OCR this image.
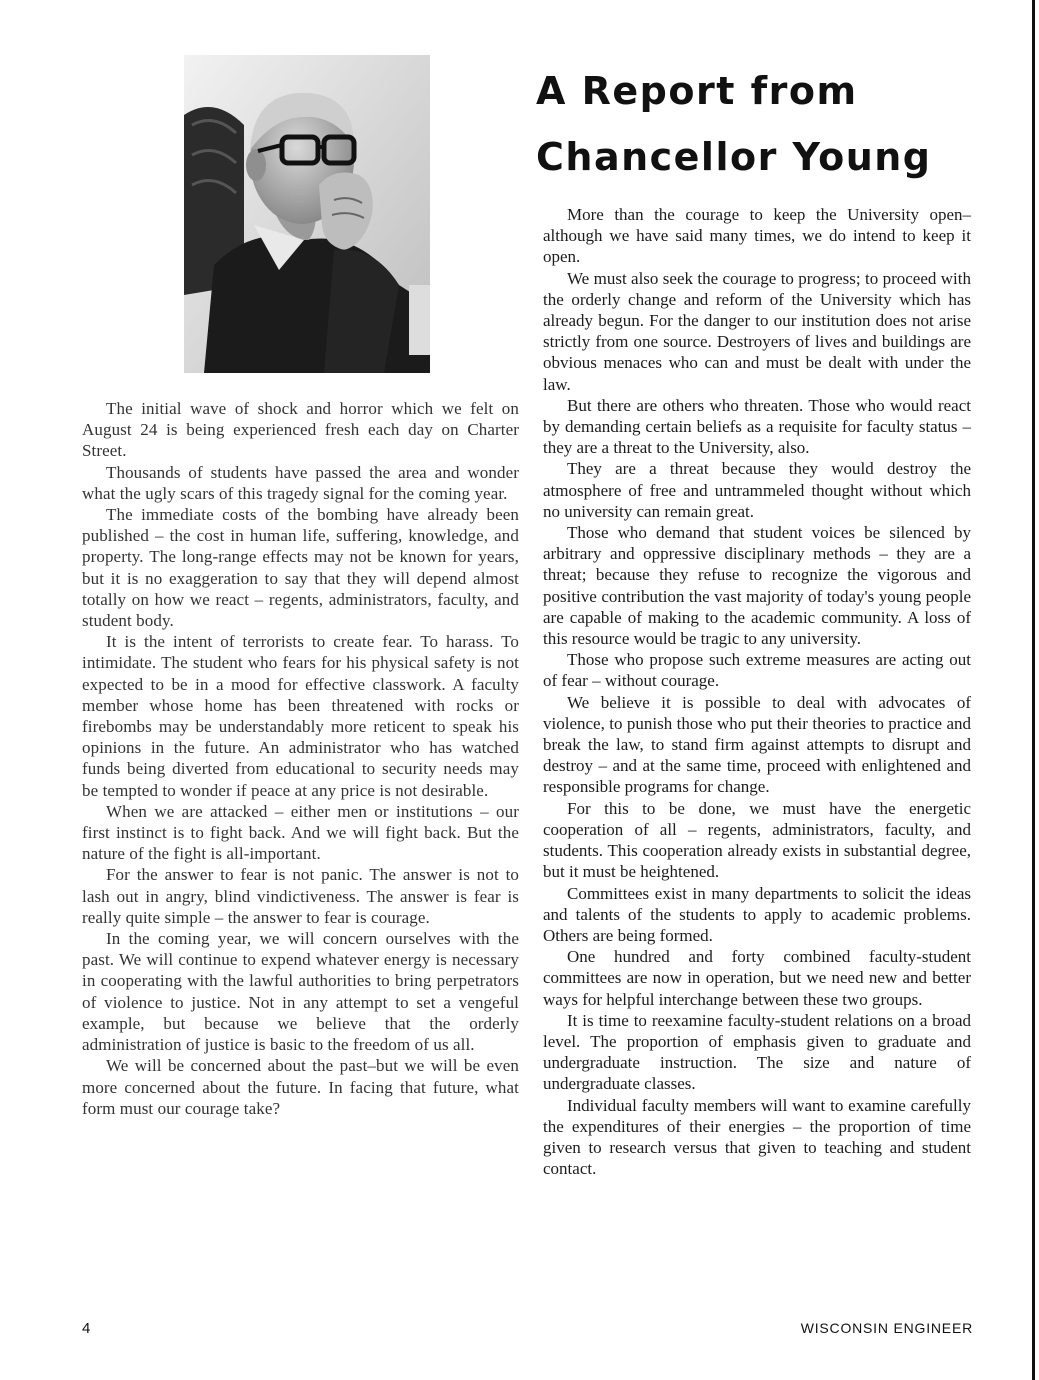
A Report from
Chancellor Young

The initial wave of shock and horror which we felt on August 24 is being experienced fresh each day on Charter Street.

Thousands of students have passed the area and wonder what the ugly scars of this tragedy signal for the coming year.

The immediate costs of the bombing have already been published – the cost in human life, suffering, knowledge, and property. The long-range effects may not be known for years, but it is no exaggeration to say that they will depend almost totally on how we react – regents, administrators, faculty, and student body.

It is the intent of terrorists to create fear. To harass. To intimidate. The student who fears for his physical safety is not expected to be in a mood for effective classwork. A faculty member whose home has been threatened with rocks or firebombs may be understandably more reticent to speak his opinions in the future. An administrator who has watched funds being diverted from educational to security needs may be tempted to wonder if peace at any price is not desirable.

When we are attacked – either men or institutions – our first instinct is to fight back. And we will fight back. But the nature of the fight is all-important.

For the answer to fear is not panic. The answer is not to lash out in angry, blind vindictiveness. The answer is fear is really quite simple – the answer to fear is courage.

In the coming year, we will concern ourselves with the past. We will continue to expend whatever energy is necessary in cooperating with the lawful authorities to bring perpetrators of violence to justice. Not in any attempt to set a vengeful example, but because we believe that the orderly administration of justice is basic to the freedom of us all.

We will be concerned about the past–but we will be even more concerned about the future. In facing that future, what form must our courage take?

More than the courage to keep the University open–although we have said many times, we do intend to keep it open.

We must also seek the courage to progress; to proceed with the orderly change and reform of the University which has already begun. For the danger to our institution does not arise strictly from one source. Destroyers of lives and buildings are obvious menaces who can and must be dealt with under the law.

But there are others who threaten. Those who would react by demanding certain beliefs as a requisite for faculty status – they are a threat to the University, also.

They are a threat because they would destroy the atmosphere of free and untrammeled thought without which no university can remain great.

Those who demand that student voices be silenced by arbitrary and oppressive disciplinary methods – they are a threat; because they refuse to recognize the vigorous and positive contribution the vast majority of today's young people are capable of making to the academic community. A loss of this resource would be tragic to any university.

Those who propose such extreme measures are acting out of fear – without courage.

We believe it is possible to deal with advocates of violence, to punish those who put their theories to practice and break the law, to stand firm against attempts to disrupt and destroy – and at the same time, proceed with enlightened and responsible programs for change.

For this to be done, we must have the energetic cooperation of all – regents, administrators, faculty, and students. This cooperation already exists in substantial degree, but it must be heightened.

Committees exist in many departments to solicit the ideas and talents of the students to apply to academic problems. Others are being formed.

One hundred and forty combined faculty-student committees are now in operation, but we need new and better ways for helpful interchange between these two groups.

It is time to reexamine faculty-student relations on a broad level. The proportion of emphasis given to graduate and undergraduate instruction. The size and nature of undergraduate classes.

Individual faculty members will want to examine carefully the expenditures of their energies – the proportion of time given to research versus that given to teaching and student contact.

4	WISCONSIN ENGINEER
